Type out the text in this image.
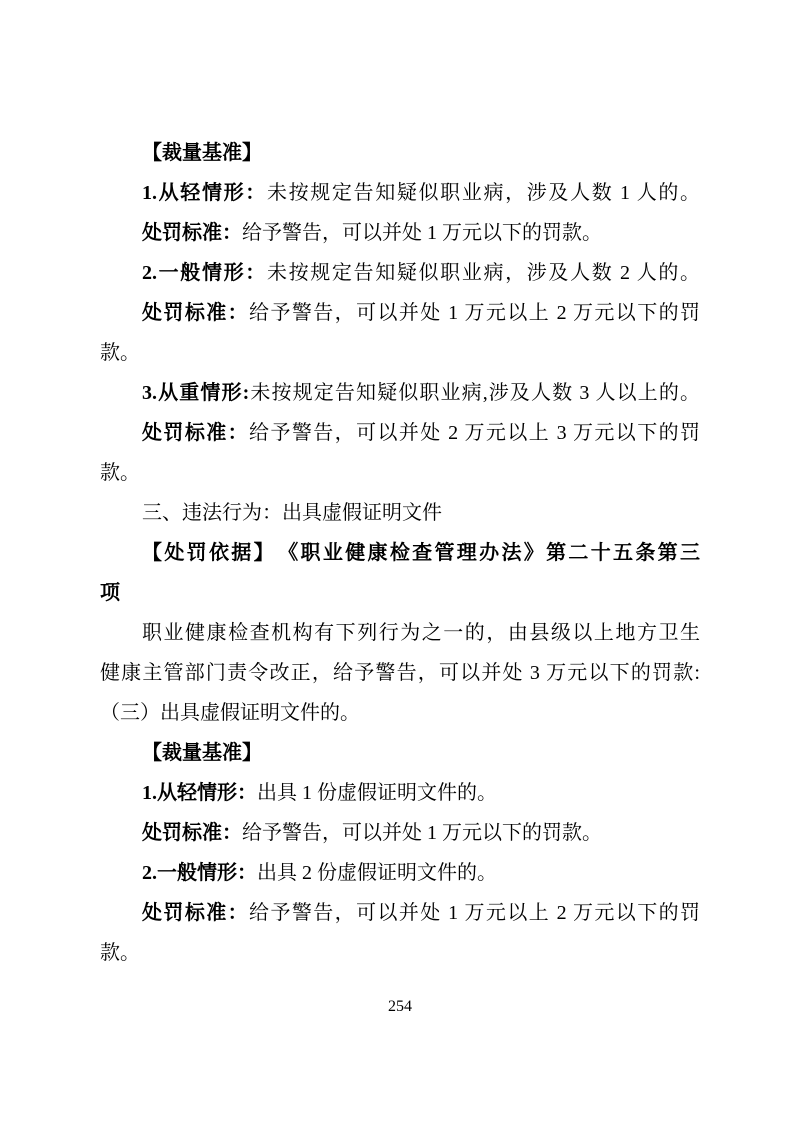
【裁量基准】
1.从轻情形：未按规定告知疑似职业病，涉及人数 1 人的。
处罚标准：给予警告，可以并处 1 万元以下的罚款。
2.一般情形：未按规定告知疑似职业病，涉及人数 2 人的。
处罚标准：给予警告，可以并处 1 万元以上 2 万元以下的罚
款。
3.从重情形:未按规定告知疑似职业病,涉及人数 3 人以上的。
处罚标准：给予警告，可以并处 2 万元以上 3 万元以下的罚
款。
三、违法行为：出具虚假证明文件
【处罚依据】　《职业健康检查管理办法》第二十五条第三
项
职业健康检查机构有下列行为之一的，由县级以上地方卫生
健康主管部门责令改正，给予警告，可以并处 3 万元以下的罚款:
（三）出具虚假证明文件的。
【裁量基准】
1.从轻情形：出具 1 份虚假证明文件的。
处罚标准：给予警告，可以并处 1 万元以下的罚款。
2.一般情形：出具 2 份虚假证明文件的。
处罚标准：给予警告，可以并处 1 万元以上 2 万元以下的罚
款。
254
